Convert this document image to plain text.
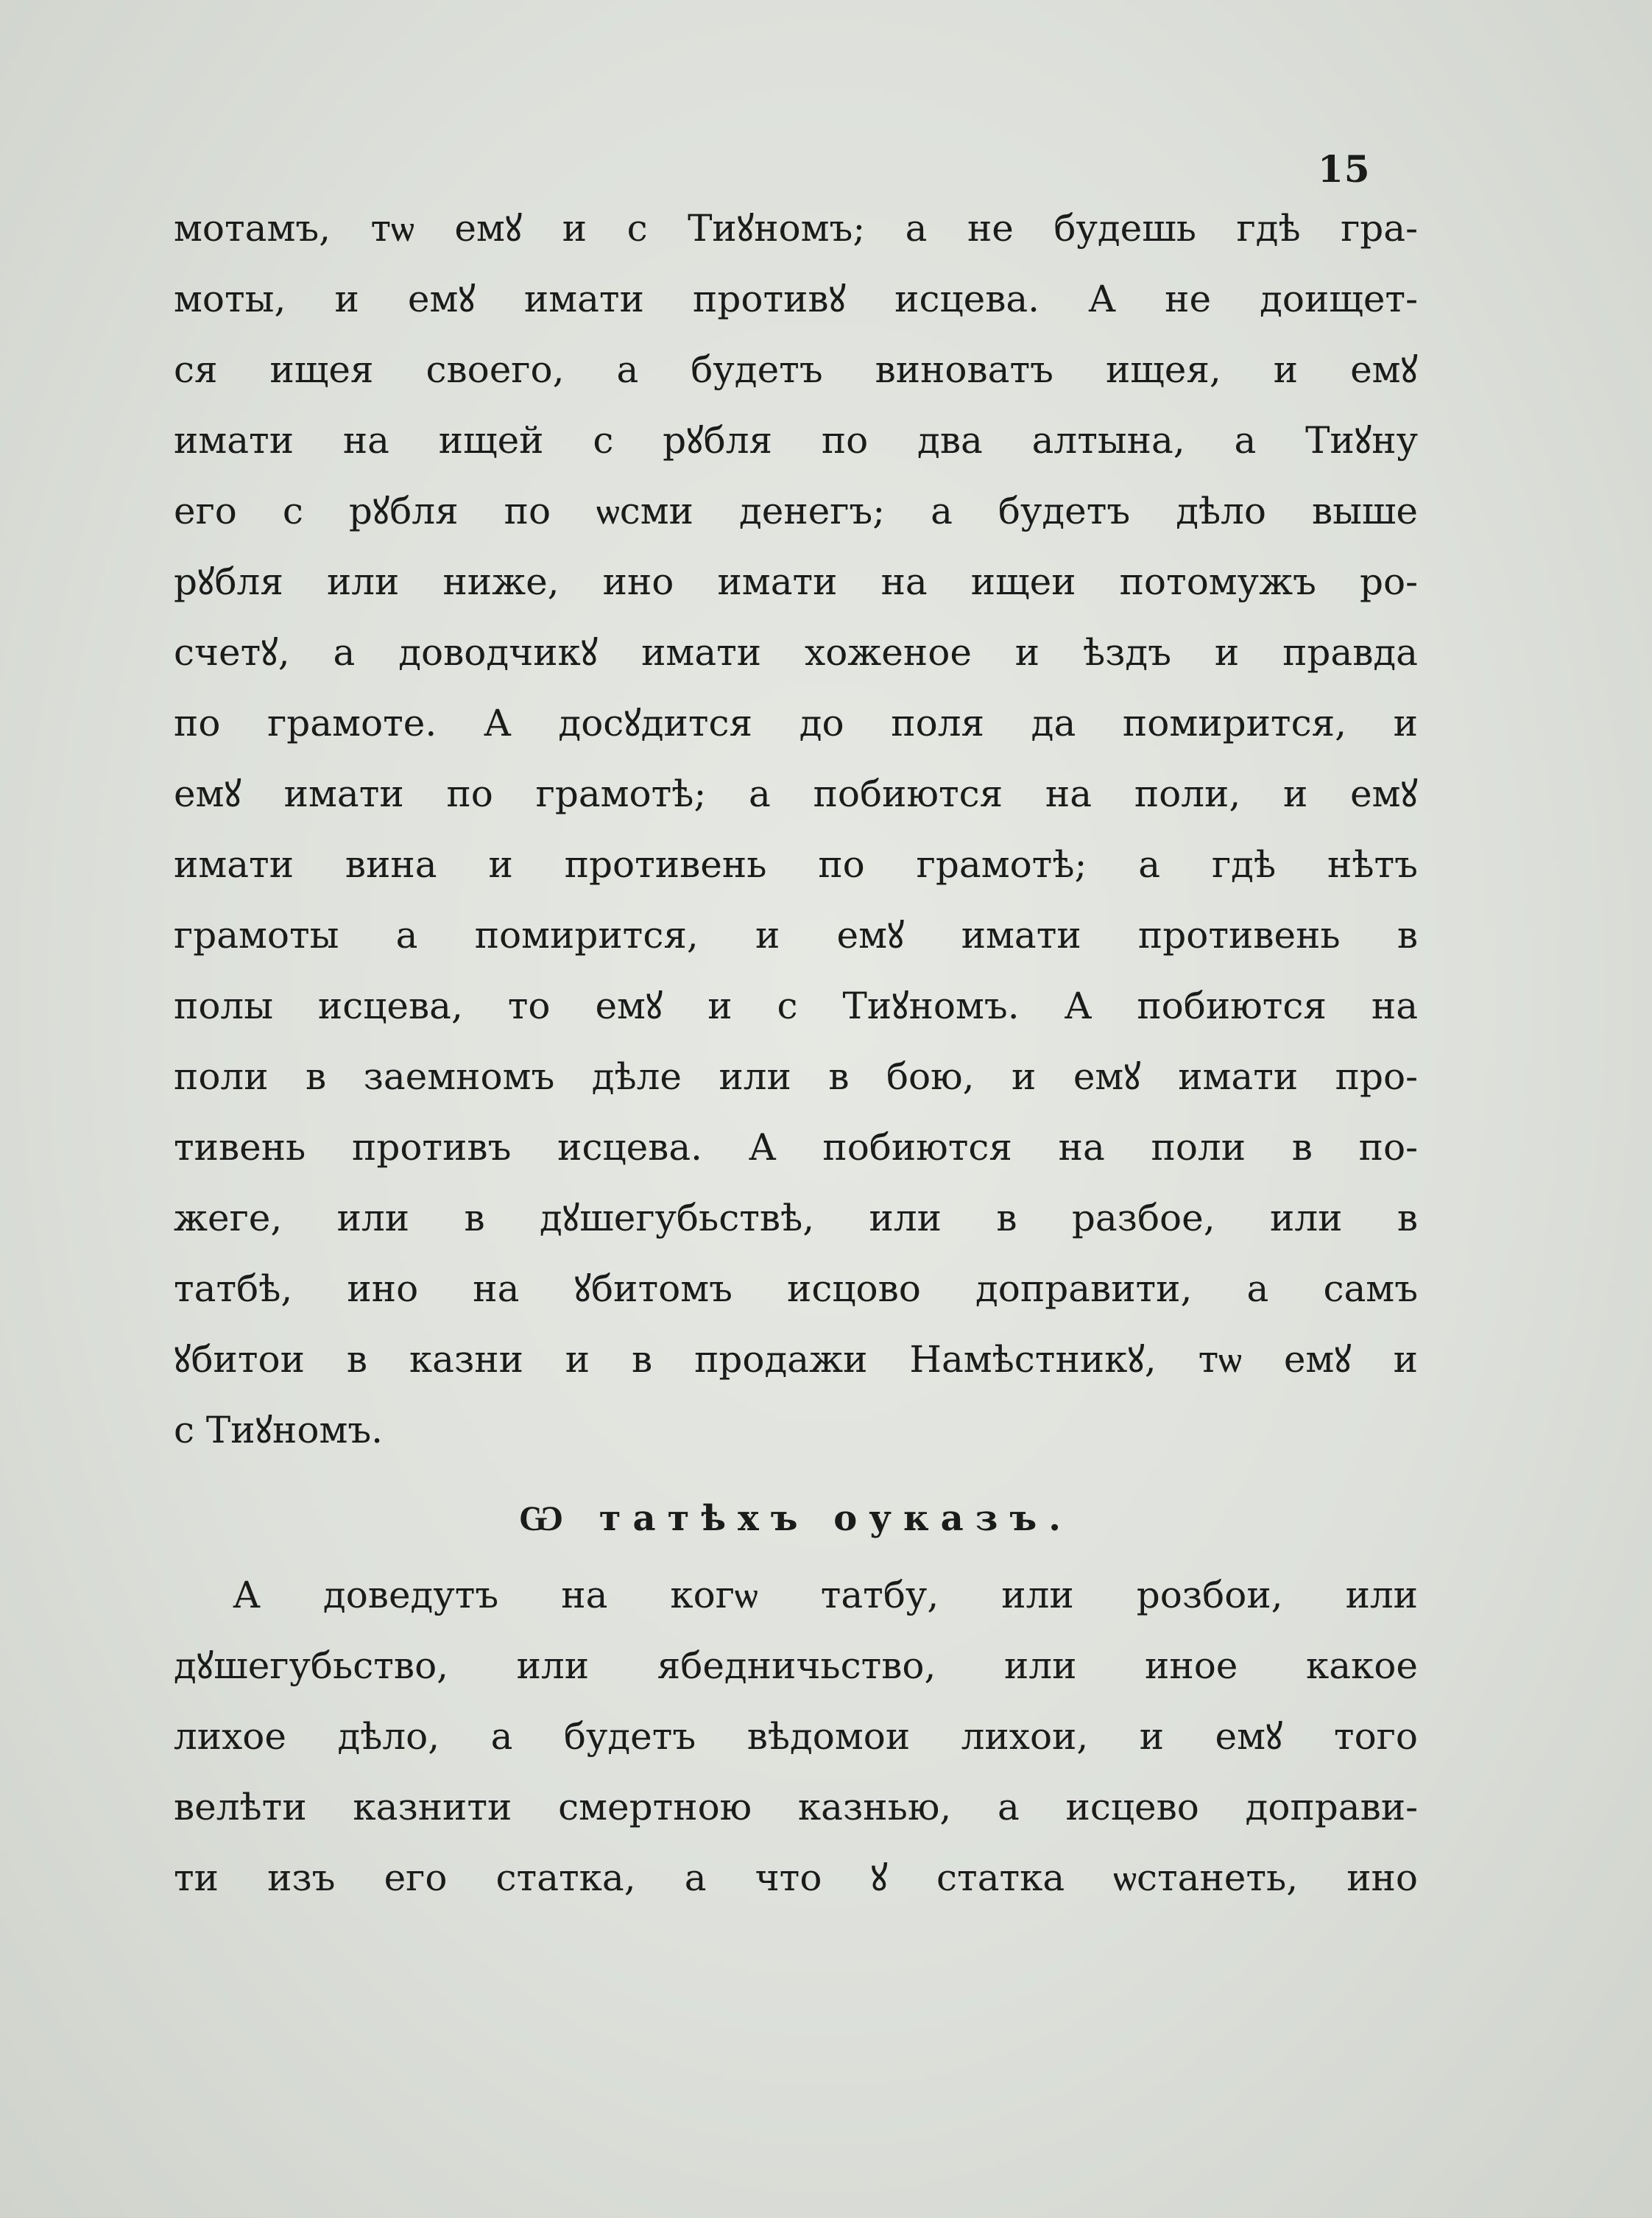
15
мотамъ, тѡ емꙋ и с Тиꙋномъ; а не будешь гдѣ гра-
моты, и емꙋ имати противꙋ исцева. А не доищет-
ся ищея своего, а будетъ виноватъ ищея, и емꙋ
имати на ищей с рꙋбля по два алтына, а Тиꙋну
его с рꙋбля по ѡсми денегъ; а будетъ дѣло выше
рꙋбля или ниже, ино имати на ищеи потомужъ ро-
счетꙋ, а доводчикꙋ имати хоженое и ѣздъ и правда
по грамоте. А досꙋдится до поля да помирится, и
емꙋ имати по грамотѣ; а побиются на поли, и емꙋ
имати вина и противень по грамотѣ; а гдѣ нѣтъ
грамоты а помирится, и емꙋ имати противень в
полы исцева, то емꙋ и с Тиꙋномъ. А побиются на
поли в заемномъ дѣле или в бою, и емꙋ имати про-
тивень противъ исцева. А побиются на поли в по-
жеге, или в дꙋшегубьствѣ, или в разбое, или в
татбѣ, ино на ꙋбитомъ исцово доправити, а самъ
ꙋбитои в казни и в продажи Намѣстникꙋ, тѡ емꙋ и
с Тиꙋномъ.
Ѡ татѣхъ оуказъ.
А доведутъ на когѡ татбу, или розбои, или
дꙋшегубьство, или ябедничьство, или иное какое
лихое дѣло, а будетъ вѣдомои лихои, и емꙋ того
велѣти казнити смертною казнью, а исцево доправи-
ти изъ его статка, а что ꙋ статка ѡстанеть, ино
